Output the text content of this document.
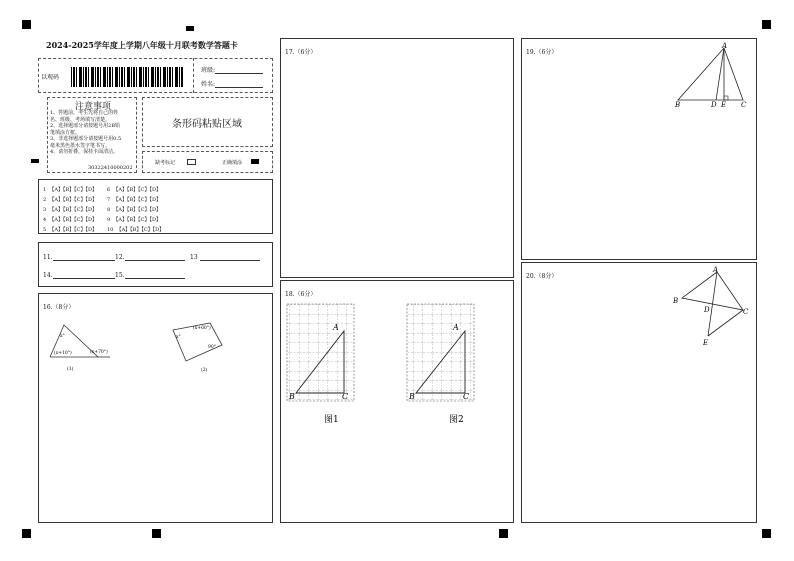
2024-2025学年度上学期八年级十月联考数学答题卡
以观码
班级:
姓名:
注意事项
1、答题前，考生先将自己的姓
名、班级、考场填写清楚。
2、选择题部分请按题号用2B铅
笔填涂方框。
3、非选择题部分请按题号用0.5
毫米黑色墨水签字笔书写。
4、请勿折叠，保持卡面清洁。
30322410000202
条形码粘贴区域
缺考标记	正确填涂
1 【A】【B】【C】【D】
2 【A】【B】【C】【D】
3 【A】【B】【C】【D】
4 【A】【B】【C】【D】
5 【A】【B】【C】【D】
6 【A】【B】【C】【D】
7 【A】【B】【C】【D】
8 【A】【B】【C】【D】
9 【A】【B】【C】【D】
10 【A】【B】【C】【D】
11.	12.	13
14.	15.
16.（8分）
x°
(x+10°)	(x+70°)
(1)
(x+60°)
x°
90°
(2)
17.（6分）
18.（6分）
A
B	C
图1
A
B	C
图2
19.（6分）
A
B	D E C
20.（8分）
A
B
D	C
E
